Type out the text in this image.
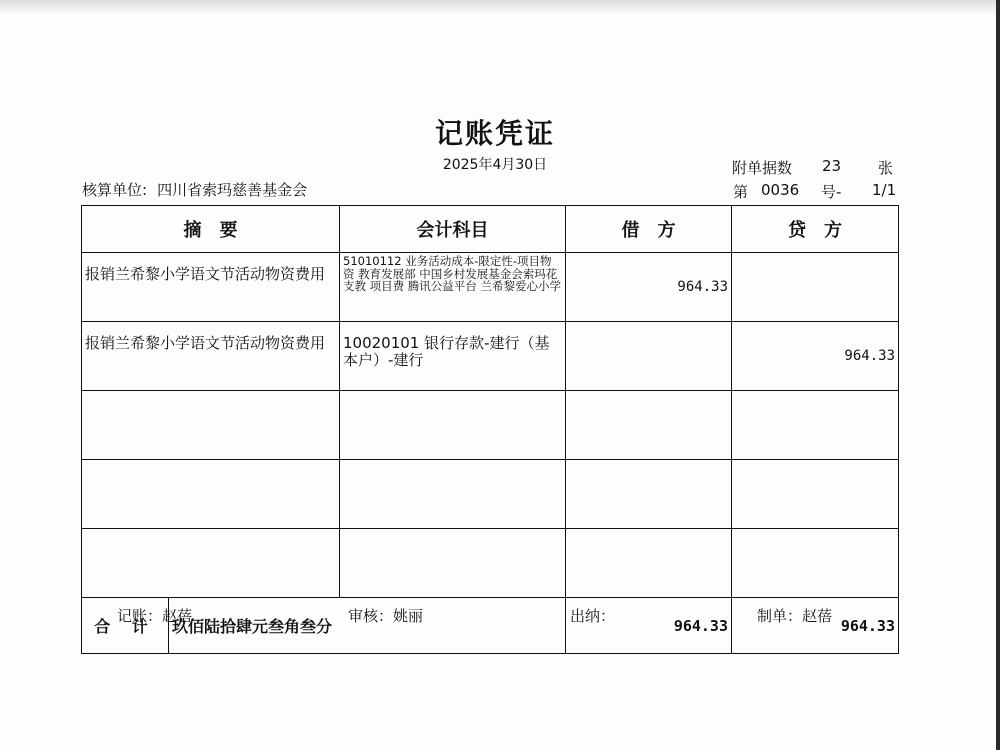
记账凭证
2025年4月30日	附单据数 23 张
核算单位: 四川省索玛慈善基金会	第 0036 号- 1/1
摘　要		会计科目	借　方	贷　方
报销兰希黎小学语文节活动物资费用		51010112 业务活动成本-限定性-项目物资 教育发展部 中国乡村发展基金会索玛花支教 项目费 腾讯公益平台 兰希黎爱心小学	964.33	
报销兰希黎小学语文节活动物资费用		10020101 银行存款-建行（基本户）-建行		964.33

合 计	玖佰陆拾肆元叁角叁分		964.33	964.33
记账：赵蓓	审核：姚丽	出纳：	制单：赵蓓
